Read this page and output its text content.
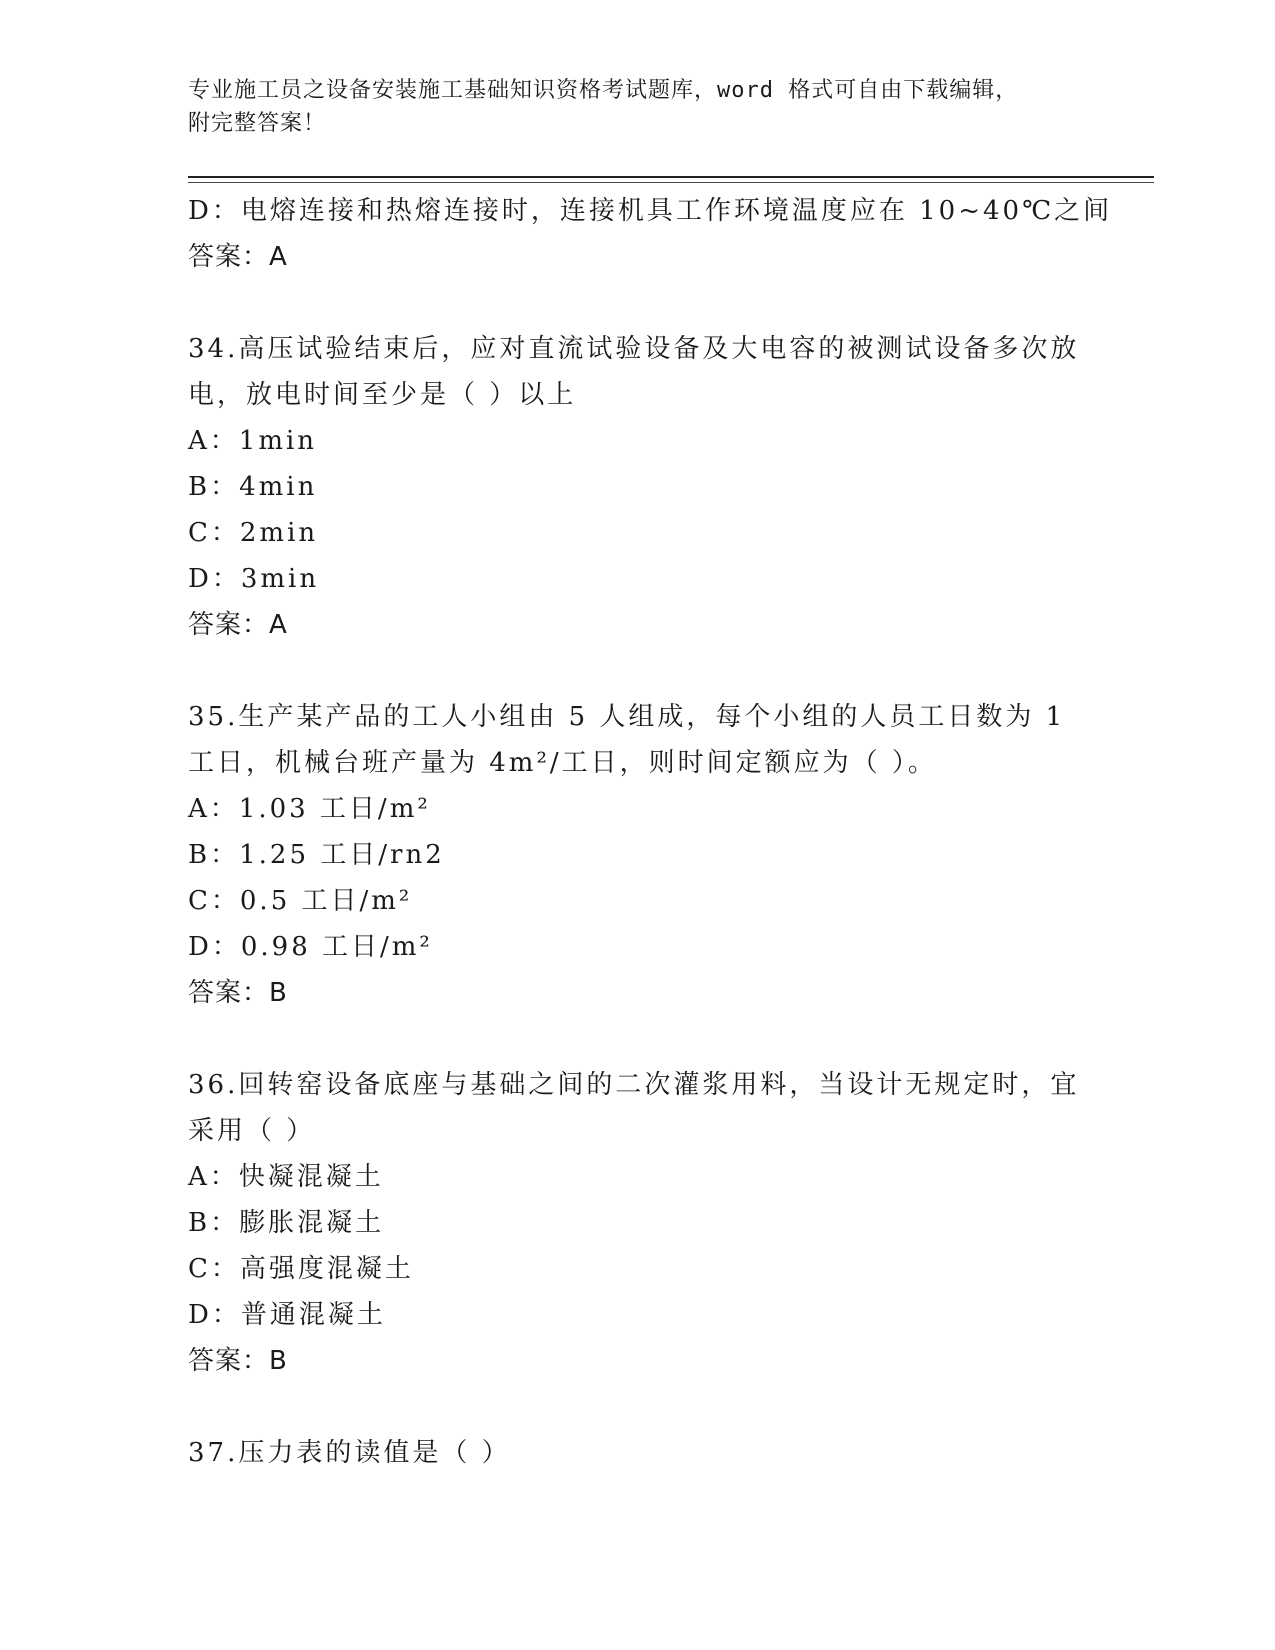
专业施工员之设备安装施工基础知识资格考试题库，word 格式可自由下载编辑，
附完整答案！
D：电熔连接和热熔连接时，连接机具工作环境温度应在 10~40℃之间
答案：A
34.高压试验结束后，应对直流试验设备及大电容的被测试设备多次放电，放电时间至少是（ ）以上
A：1min
B：4min
C：2min
D：3min
答案：A
35.生产某产品的工人小组由 5 人组成，每个小组的人员工日数为 1 工日，机械台班产量为 4m²/工日，则时间定额应为（ ）。
A：1.03 工日/m²
B：1.25 工日/rn2
C：0.5 工日/m²
D：0.98 工日/m²
答案：B
36.回转窑设备底座与基础之间的二次灌浆用料，当设计无规定时，宜采用（ ）
A：快凝混凝土
B：膨胀混凝土
C：高强度混凝土
D：普通混凝土
答案：B
37.压力表的读值是（ ）
